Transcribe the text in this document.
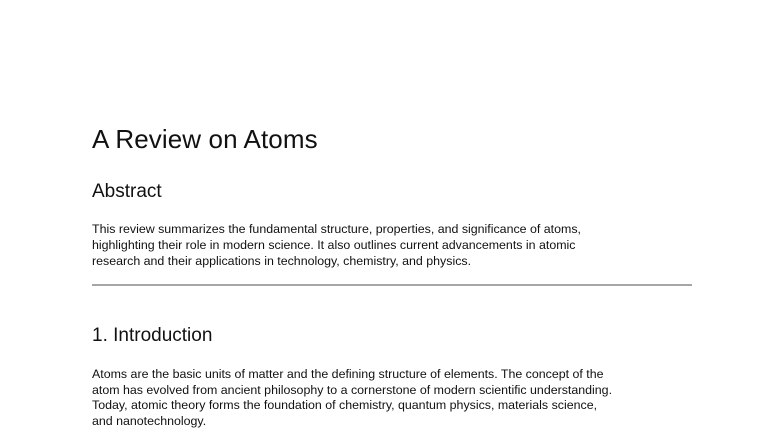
A Review on Atoms
Abstract

This review summarizes the fundamental structure, properties, and significance of atoms,
highlighting their role in modern science. It also outlines current advancements in atomic
research and their applications in technology, chemistry, and physics.

1. Introduction

Atoms are the basic units of matter and the defining structure of elements. The concept of the
atom has evolved from ancient philosophy to a cornerstone of modern scientific understanding.
Today, atomic theory forms the foundation of chemistry, quantum physics, materials science,
and nanotechnology.
